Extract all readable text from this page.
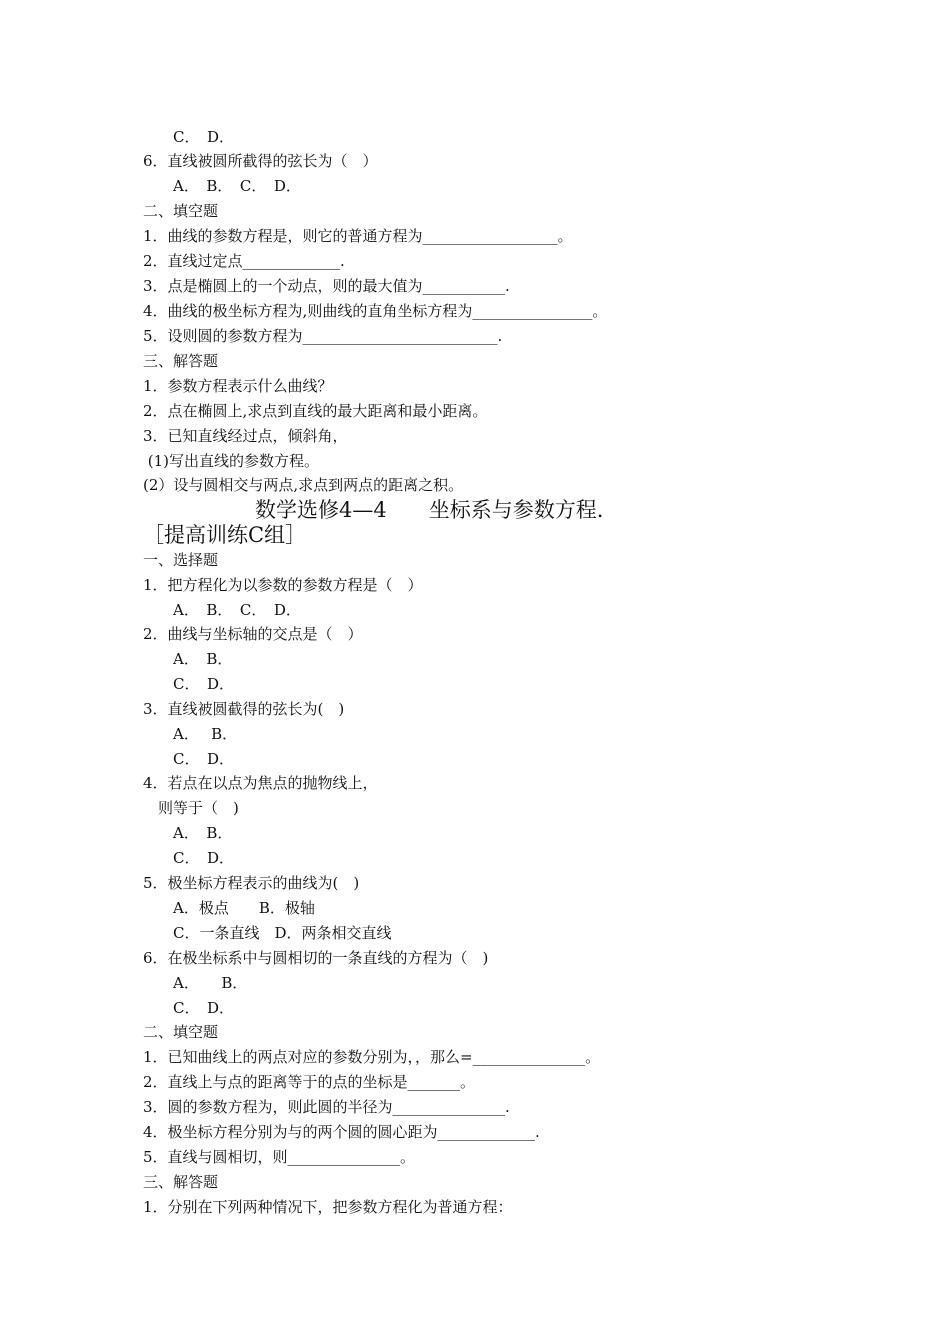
　　C．　D．
6．直线被圆所截得的弦长为（　）
　　A．　B．　C．　D．
二、填空题
1．曲线的参数方程是，则它的普通方程为__________________。
2．直线过定点_____________.
3．点是椭圆上的一个动点，则的最大值为___________.
4．曲线的极坐标方程为,则曲线的直角坐标方程为________________。
5．设则圆的参数方程为__________________________.
三、解答题
1．参数方程表示什么曲线？
2．点在椭圆上,求点到直线的最大距离和最小距离。
3．已知直线经过点，倾斜角，
(1)写出直线的参数方程。
(2）设与圆相交与两点,求点到两点的距离之积。
数学选修4—4　　坐标系与参数方程.
［提高训练C组］
一、选择题
1．把方程化为以参数的参数方程是（　）
　　A．　B．　C．　D．
2．曲线与坐标轴的交点是（　）
　　A．　B．
　　C．　D．
3．直线被圆截得的弦长为(　)
　　A．　 B．
　　C．　D．
4．若点在以点为焦点的抛物线上，
　则等于（　)
　　A．　B．
　　C．　D．
5．极坐标方程表示的曲线为(　)
　　A．极点　　B．极轴
　　C．一条直线　D．两条相交直线
6．在极坐标系中与圆相切的一条直线的方程为（　)
　　A．　　B．
　　C．　D．
二、填空题
1．已知曲线上的两点对应的参数分别为，，那么=_______________。
2．直线上与点的距离等于的点的坐标是_______。
3．圆的参数方程为，则此圆的半径为_______________.
4．极坐标方程分别为与的两个圆的圆心距为_____________.
5．直线与圆相切，则_______________。
三、解答题
1．分别在下列两种情况下，把参数方程化为普通方程：
